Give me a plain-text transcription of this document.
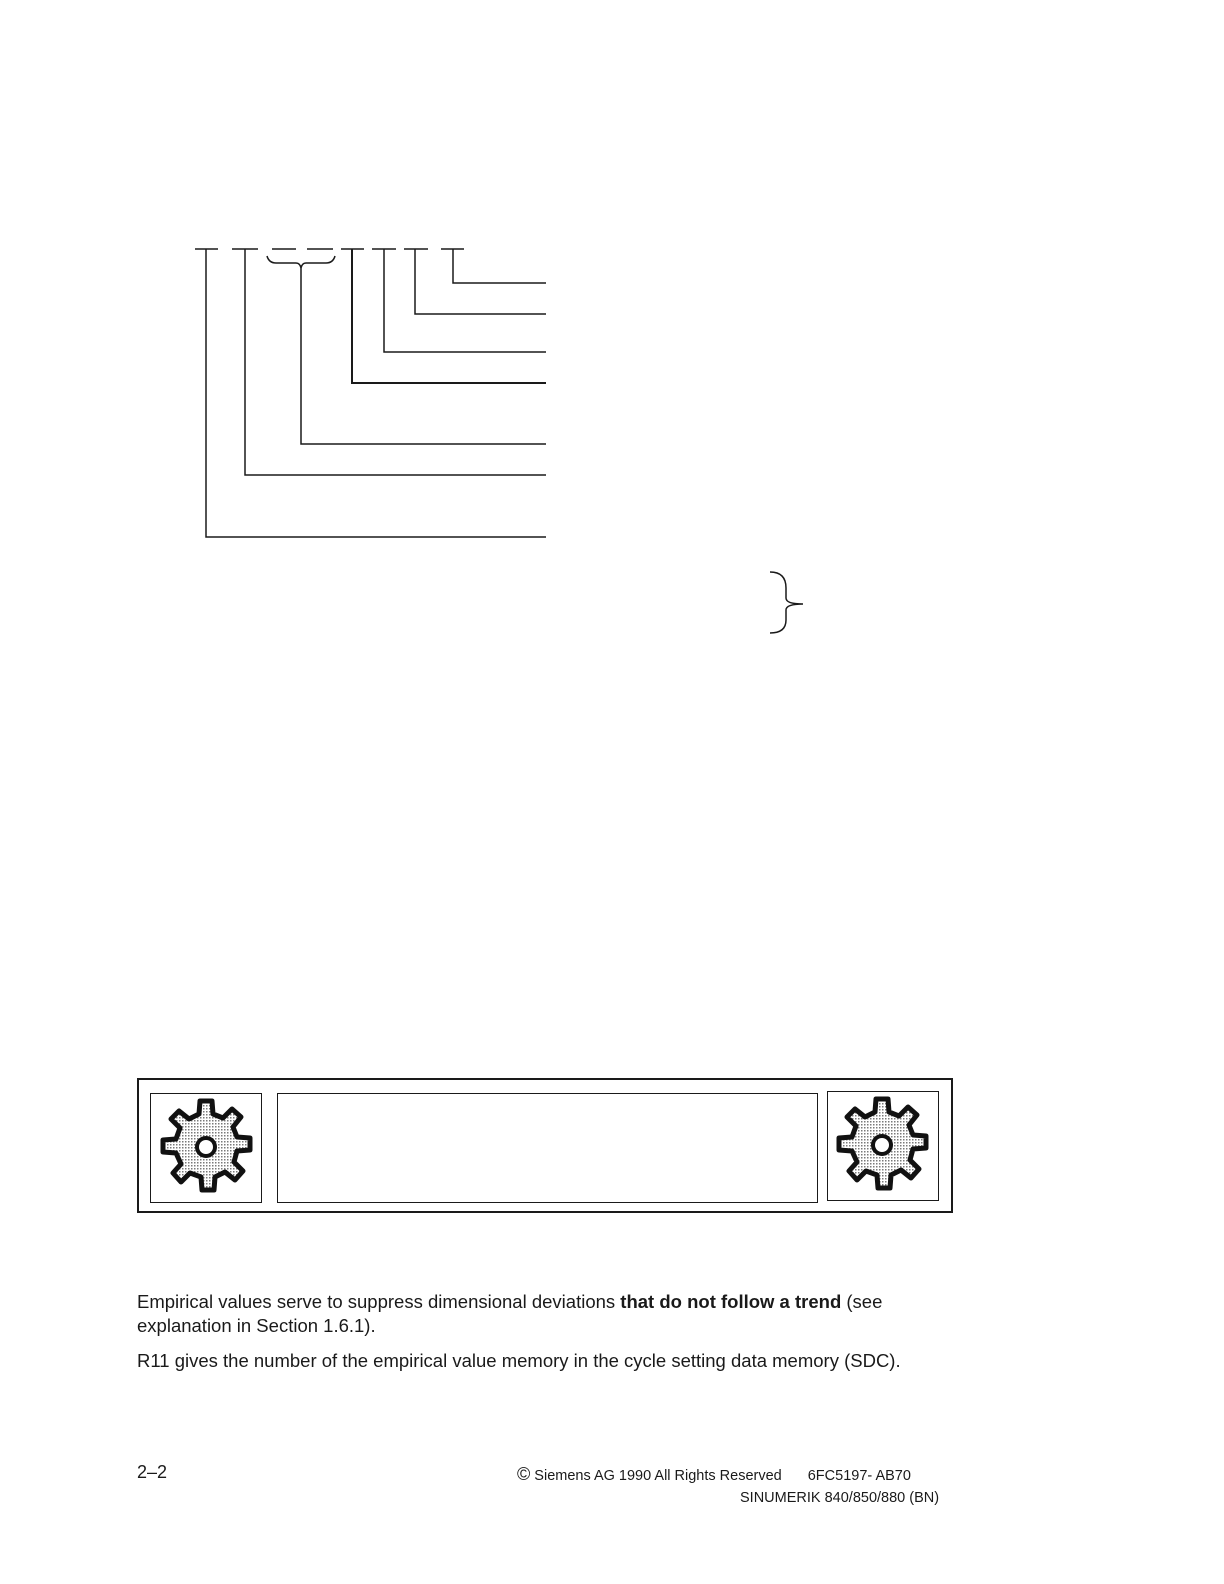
Empirical values serve to suppress dimensional deviations that do not follow a trend (see explanation in Section 1.6.1).

R11 gives the number of the empirical value memory in the cycle setting data memory (SDC).

2–2	© Siemens AG 1990 All Rights Reserved 6FC5197- AB70
SINUMERIK 840/850/880 (BN)
